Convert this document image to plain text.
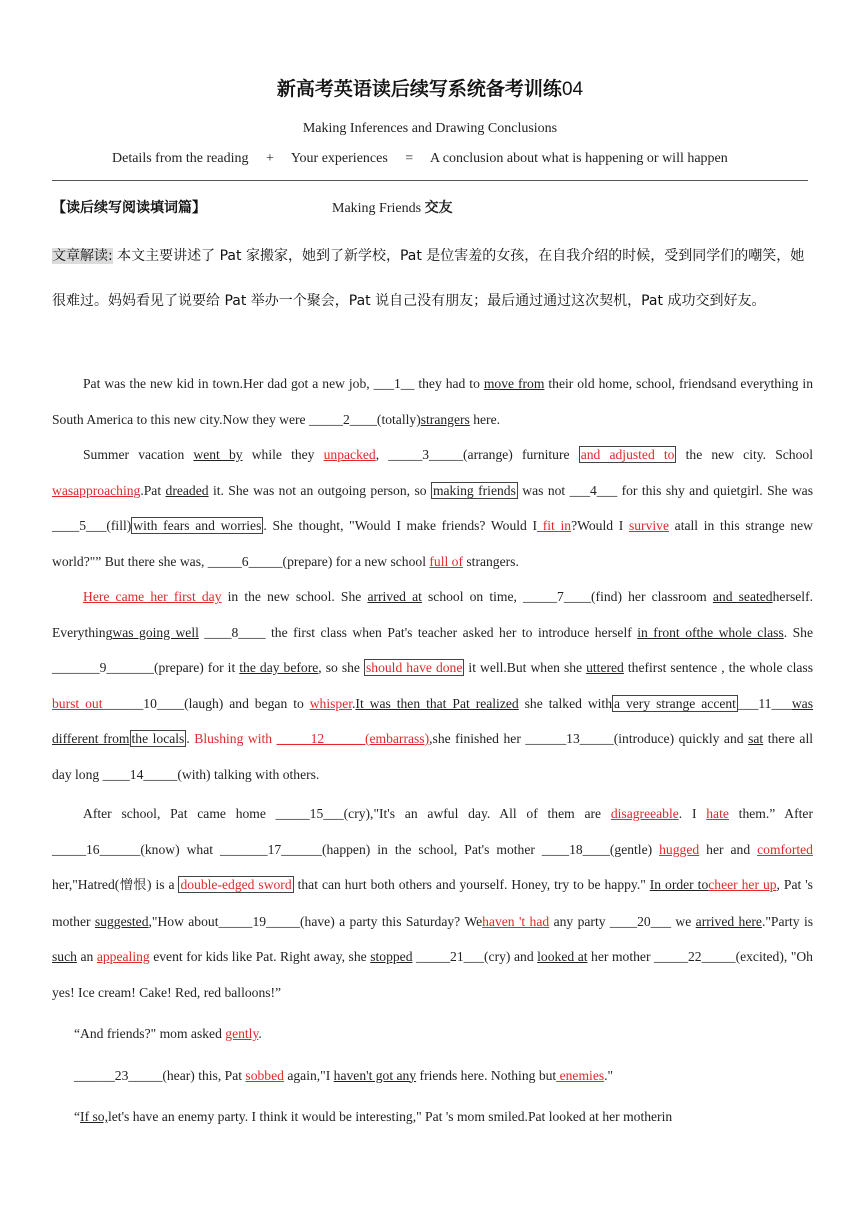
新高考英语读后续写系统备考训练04
Making Inferences and Drawing Conclusions
Details from the reading + Your experiences = A conclusion about what is happening or will happen
【读后续写阅读填词篇】	Making Friends 交友
文章解读: 本文主要讲述了 Pat 家搬家，她到了新学校，Pat 是位害羞的女孩，在自我介绍的时候，受到同学们的嘲笑，她很难过。妈妈看见了说要给 Pat 举办一个聚会，Pat 说自己没有朋友；最后通过通过这次契机，Pat 成功交到好友。

Pat was the new kid in town.Her dad got a new job, ___1__ they had to move from their old home, school, friendsand everything in South America to this new city.Now they were _____2____(totally)strangers here.

Summer vacation went by while they unpacked, _____3_____(arrange) furniture and adjusted to the new city. School wasapproaching.Pat dreaded it. She was not an outgoing person, so making friends was not ___4___ for this shy and quietgirl. She was ____5___(fill) with fears and worries . She thought, "Would I make friends? Would I fit in?Would I survive atall in this strange new world?"” But there she was, _____6_____(prepare) for a new school full of strangers.

Here came her first day in the new school. She arrived at school on time, _____7____(find) her classroom and seatedherself. Everythingwas going well ____8____ the first class when Pat's teacher asked her to introduce herself in front ofthe whole class. She _______9_______(prepare) for it the day before, so she should have done it well.But when she uttered thefirst sentence , the whole class burst out______10____(laugh) and began to whisper.It was then that Pat realized she talked with a very strange accent ___11___was different from the locals . Blushing with _____12______(embarrass),she finished her ______13_____(introduce) quickly and sat there all day long ____14_____(with) talking with others.

After school, Pat came home _____15___(cry),"It's an awful day. All of them are disagreeable. I hate them.” After _____16______(know) what _______17______(happen) in the school, Pat's mother ____18____(gentle) hugged her and comforted her,"Hatred(憎恨) is a double-edged sword that can hurt both others and yourself. Honey, try to be happy." In order tocheer her up, Pat 's mother suggested,"How about_____19_____(have) a party this Saturday? Wehaven 't had any party ____20___ we arrived here."Party is such an appealing event for kids like Pat. Right away, she stopped _____21___(cry) and looked at her mother _____22_____(excited), "Oh yes! Ice cream! Cake! Red, red balloons!”

“And friends?" mom asked gently.

______23_____(hear) this, Pat sobbed again,"I haven't got any friends here. Nothing but enemies."

“If so,let's have an enemy party. I think it would be interesting," Pat 's mom smiled.Pat looked at her motherin
